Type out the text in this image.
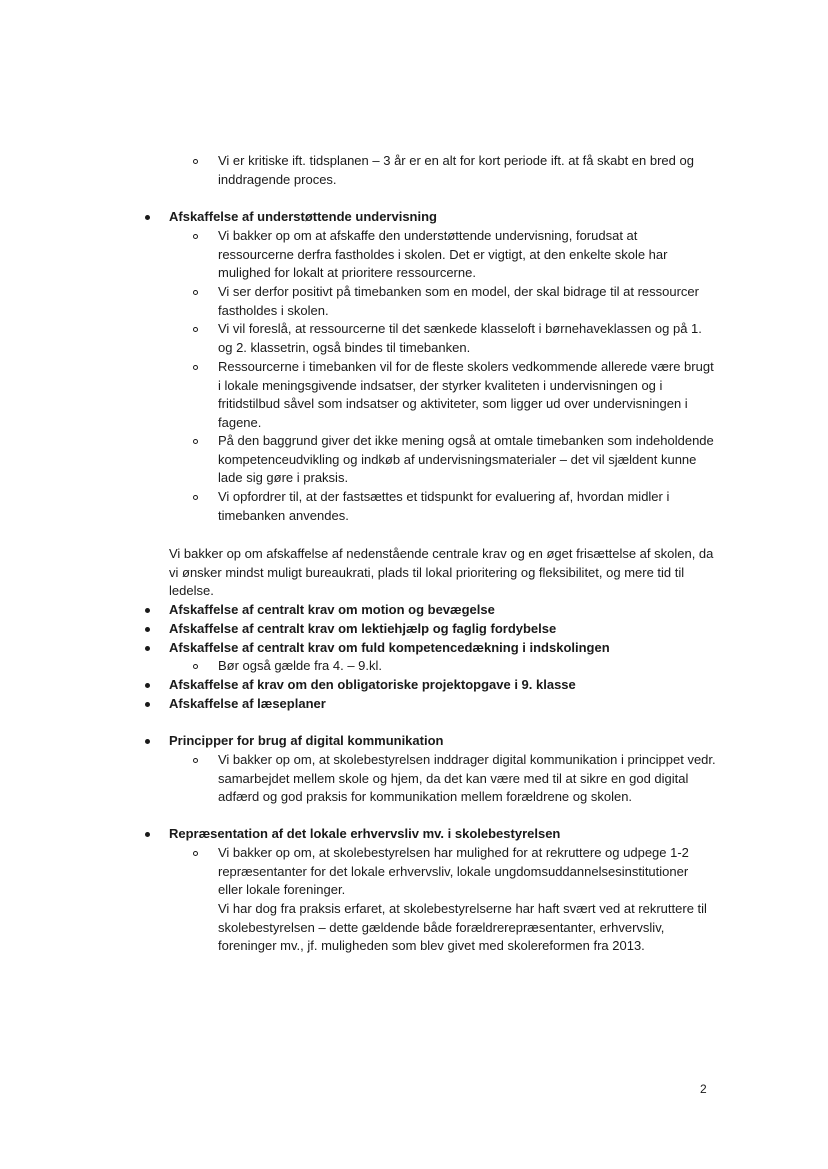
Vi er kritiske ift. tidsplanen – 3 år er en alt for kort periode ift. at få skabt en bred og inddragende proces.
Afskaffelse af understøttende undervisning
Vi bakker op om at afskaffe den understøttende undervisning, forudsat at ressourcerne derfra fastholdes i skolen. Det er vigtigt, at den enkelte skole har mulighed for lokalt at prioritere ressourcerne.
Vi ser derfor positivt på timebanken som en model, der skal bidrage til at ressourcer fastholdes i skolen.
Vi vil foreslå, at ressourcerne til det sænkede klasseloft i børnehaveklassen og på 1. og 2. klassetrin, også bindes til timebanken.
Ressourcerne i timebanken vil for de fleste skolers vedkommende allerede være brugt i lokale meningsgivende indsatser, der styrker kvaliteten i undervisningen og i fritidstilbud såvel som indsatser og aktiviteter, som ligger ud over undervisningen i fagene.
På den baggrund giver det ikke mening også at omtale timebanken som indeholdende kompetenceudvikling og indkøb af undervisningsmaterialer – det vil sjældent kunne lade sig gøre i praksis.
Vi opfordrer til, at der fastsættes et tidspunkt for evaluering af, hvordan midler i timebanken anvendes.
Vi bakker op om afskaffelse af nedenstående centrale krav og en øget frisættelse af skolen, da vi ønsker mindst muligt bureaukrati, plads til lokal prioritering og fleksibilitet, og mere tid til ledelse.
Afskaffelse af centralt krav om motion og bevægelse
Afskaffelse af centralt krav om lektiehjælp og faglig fordybelse
Afskaffelse af centralt krav om fuld kompetencedækning i indskolingen
Bør også gælde fra 4. – 9.kl.
Afskaffelse af krav om den obligatoriske projektopgave i 9. klasse
Afskaffelse af læseplaner
Principper for brug af digital kommunikation
Vi bakker op om, at skolebestyrelsen inddrager digital kommunikation i princippet vedr. samarbejdet mellem skole og hjem, da det kan være med til at sikre en god digital adfærd og god praksis for kommunikation mellem forældrene og skolen.
Repræsentation af det lokale erhvervsliv mv. i skolebestyrelsen
Vi bakker op om, at skolebestyrelsen har mulighed for at rekruttere og udpege 1-2 repræsentanter for det lokale erhvervsliv, lokale ungdomsuddannelsesinstitutioner eller lokale foreninger.
Vi har dog fra praksis erfaret, at skolebestyrelserne har haft svært ved at rekruttere til skolebestyrelsen – dette gældende både forældrerepræsentanter, erhvervsliv, foreninger mv., jf. muligheden som blev givet med skolereformen fra 2013.
2
